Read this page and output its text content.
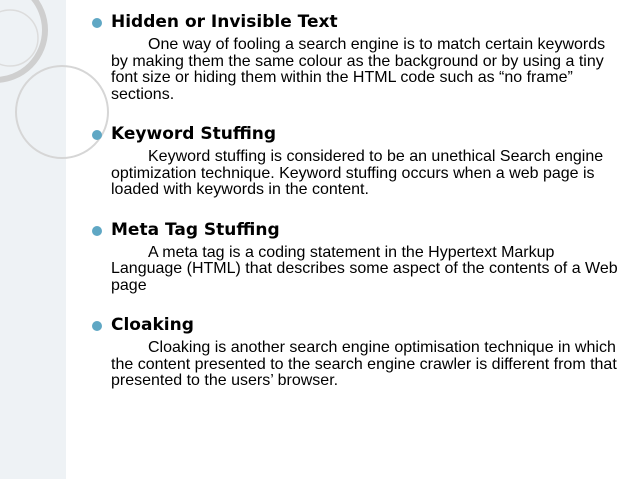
Hidden or Invisible Text
One way of fooling a search engine is to match certain keywords by making them the same colour as the background or by using a tiny font size or hiding them within the HTML code such as “no frame” sections.
Keyword Stuffing
Keyword stuffing is considered to be an unethical Search engine optimization technique. Keyword stuffing occurs when a web page is loaded with keywords in the content.
Meta Tag Stuffing
A meta tag is a coding statement in the Hypertext Markup Language (HTML) that describes some aspect of the contents of a Web page
Cloaking
Cloaking is another search engine optimisation technique in which the content presented to the search engine crawler is different from that presented to the users’ browser.
